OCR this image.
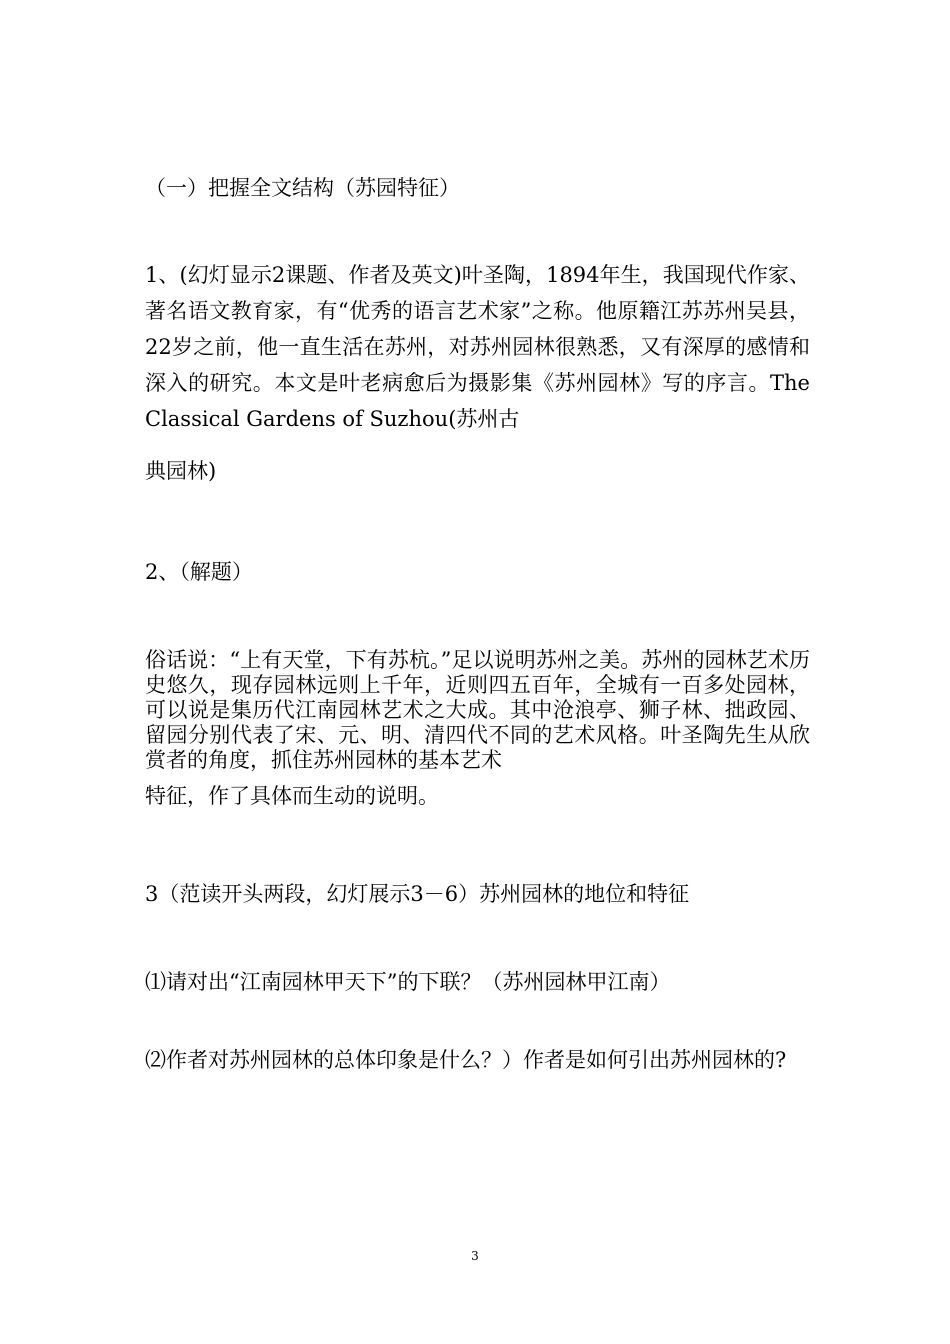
（一）把握全文结构（苏园特征）

1、(幻灯显示2课题、作者及英文)叶圣陶，1894年生，我国现代作家、著名语文教育家，有“优秀的语言艺术家”之称。他原籍江苏苏州吴县，22岁之前，他一直生活在苏州，对苏州园林很熟悉，又有深厚的感情和深入的研究。本文是叶老病愈后为摄影集《苏州园林》写的序言。The Classical Gardens of Suzhou(苏州古

典园林)

2、（解题）

俗话说：“上有天堂，下有苏杭。”足以说明苏州之美。苏州的园林艺术历史悠久，现存园林远则上千年，近则四五百年，全城有一百多处园林，可以说是集历代江南园林艺术之大成。其中沧浪亭、狮子林、拙政园、留园分别代表了宋、元、明、清四代不同的艺术风格。叶圣陶先生从欣赏者的角度，抓住苏州园林的基本艺术

特征，作了具体而生动的说明。

3（范读开头两段，幻灯展示3－6）苏州园林的地位和特征

⑴请对出“江南园林甲天下”的下联？（苏州园林甲江南）

⑵作者对苏州园林的总体印象是什么？）作者是如何引出苏州园林的?

3
